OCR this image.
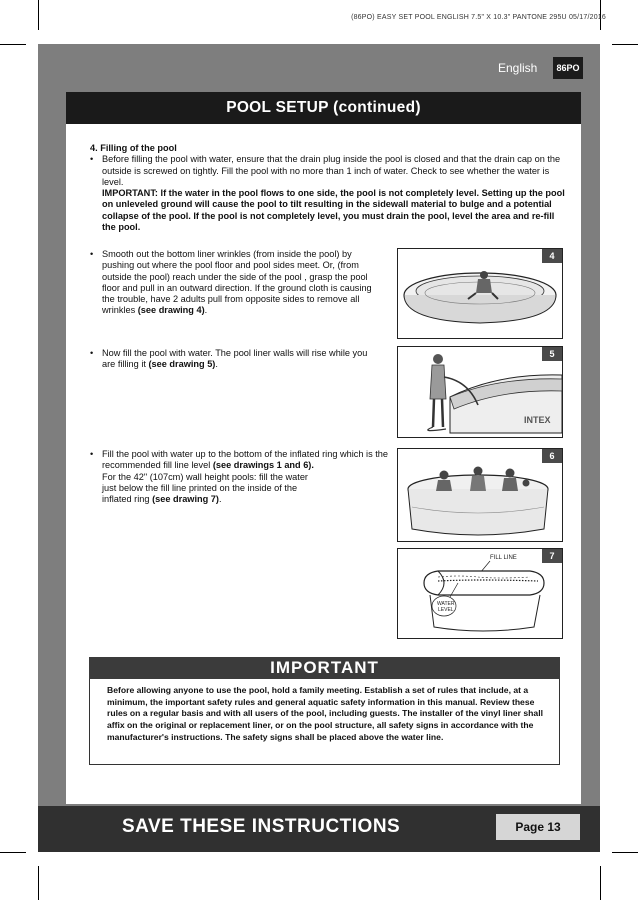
(86PO) EASY SET POOL ENGLISH 7.5" X 10.3" PANTONE 295U 05/17/2016
English	86PO
POOL SETUP (continued)
4. Filling of the pool
• Before filling the pool with water, ensure that the drain plug inside the pool is closed and that the drain cap on the outside is screwed on tightly. Fill the pool with no more than 1 inch of water. Check to see whether the water is level.
IMPORTANT: If the water in the pool flows to one side, the pool is not completely level. Setting up the pool on unleveled ground will cause the pool to tilt resulting in the sidewall material to bulge and a potential collapse of the pool. If the pool is not completely level, you must drain the pool, level the area and re-fill the pool.
• Smooth out the bottom liner wrinkles (from inside the pool) by pushing out where the pool floor and pool sides meet. Or, (from outside the pool) reach under the side of the pool , grasp the pool floor and pull in an outward direction. If the ground cloth is causing the trouble, have 2 adults pull from opposite sides to remove all wrinkles (see drawing 4).
• Now fill the pool with water. The pool liner walls will rise while you are filling it (see drawing 5).
• Fill the pool with water up to the bottom of the inflated ring which is the recommended fill line level (see drawings 1 and 6).
For the 42" (107cm) wall height pools: fill the water just below the fill line printed on the inside of the inflated ring (see drawing 7).
4
5
INTEX
6
7
FILL LINE
WATER
LEVEL
IMPORTANT
Before allowing anyone to use the pool, hold a family meeting. Establish a set of rules that include, at a minimum, the important safety rules and general aquatic safety information in this manual. Review these rules on a regular basis and with all users of the pool, including guests. The installer of the vinyl liner shall affix on the original or replacement liner, or on the pool structure, all safety signs in accordance with the manufacturer's instructions. The safety signs shall be placed above the water line.
SAVE THESE INSTRUCTIONS	Page 13
